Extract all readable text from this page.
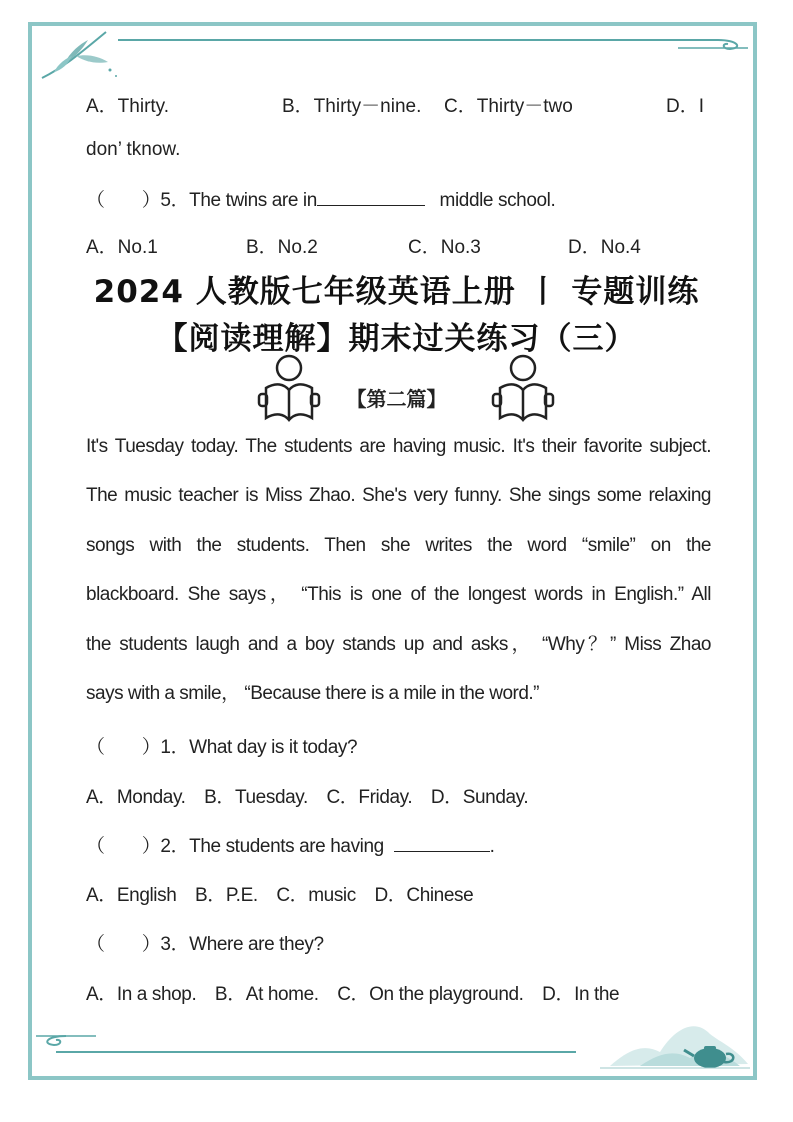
A．Thirty.	B．Thirty－nine. C．Thirty－two	D．I
don’ tknow.
（　　）5．The twins are in	middle school.
A．No.1	B．No.2	C．No.3	D．No.4
2024 人教版七年级英语上册 丨 专题训练
【阅读理解】期末过关练习（三）
【第二篇】
It's Tuesday today. The students are having music. It's their favorite subject.
The music teacher is Miss Zhao. She's very funny. She sings some relaxing
songs with the students. Then she writes the word “smile” on the
blackboard. She says， “This is one of the longest words in English.” All
the students laugh and a boy stands up and asks， “Why？” Miss Zhao
says with a smile， “Because there is a mile in the word.”
（　　）1．What day is it today?
A．Monday.　B．Tuesday.　C．Friday.　D．Sunday.
（　　）2．The students are having	.
A．English　B．P.E.　C．music　D．Chinese
（　　）3．Where are they?
A．In a shop.　B．At home.　C．On the playground.　D．In the
